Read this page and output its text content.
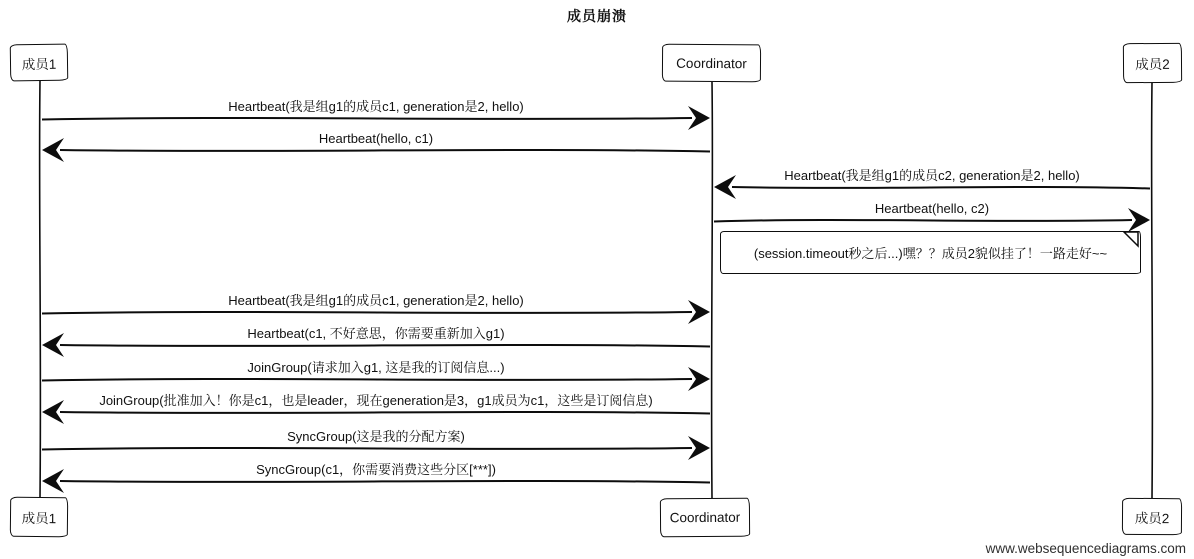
成员崩溃
成员1	Coordinator	成员2
Heartbeat(我是组g1的成员c1, generation是2, hello)
Heartbeat(hello, c1)
Heartbeat(我是组g1的成员c2, generation是2, hello)
Heartbeat(hello, c2)
Heartbeat(我是组g1的成员c1, generation是2, hello)
Heartbeat(c1, 不好意思，你需要重新加入g1)
JoinGroup(请求加入g1, 这是我的订阅信息...)
JoinGroup(批准加入！你是c1，也是leader，现在generation是3，g1成员为c1，这些是订阅信息)
SyncGroup(这是我的分配方案)
SyncGroup(c1，你需要消费这些分区[***])
(session.timeout秒之后...)嘿？？成员2貌似挂了！一路走好~~
成员1	Coordinator	成员2
www.websequencediagrams.com
